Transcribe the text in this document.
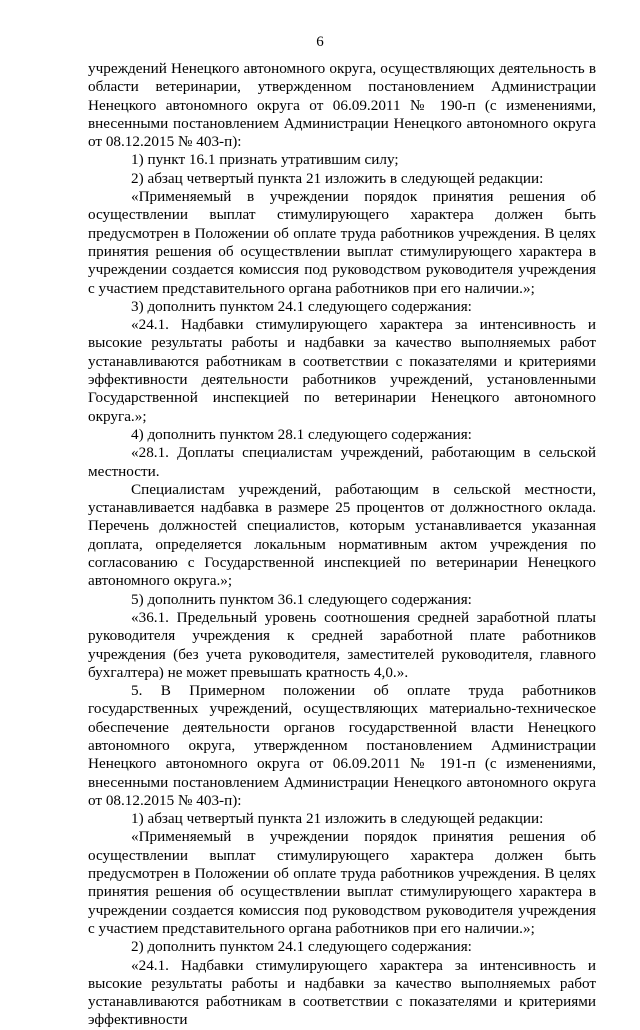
6

учреждений Ненецкого автономного округа, осуществляющих деятельность в области ветеринарии, утвержденном постановлением Администрации Ненецкого автономного округа от 06.09.2011 № 190-п (с изменениями, внесенными постановлением Администрации Ненецкого автономного округа от 08.12.2015 № 403-п):

1) пункт 16.1 признать утратившим силу;

2) абзац четвертый пункта 21 изложить в следующей редакции:

«Применяемый в учреждении порядок принятия решения об осуществлении выплат стимулирующего характера должен быть предусмотрен в Положении об оплате труда работников учреждения. В целях принятия решения об осуществлении выплат стимулирующего характера в учреждении создается комиссия под руководством руководителя учреждения с участием представительного органа работников при его наличии.»;

3) дополнить пунктом 24.1 следующего содержания:

«24.1. Надбавки стимулирующего характера за интенсивность и высокие результаты работы и надбавки за качество выполняемых работ устанавливаются работникам в соответствии с показателями и критериями эффективности деятельности работников учреждений, установленными Государственной инспекцией по ветеринарии Ненецкого автономного округа.»;

4) дополнить пунктом 28.1 следующего содержания:

«28.1. Доплаты специалистам учреждений, работающим в сельской местности.

Специалистам учреждений, работающим в сельской местности, устанавливается надбавка в размере 25 процентов от должностного оклада. Перечень должностей специалистов, которым устанавливается указанная доплата, определяется локальным нормативным актом учреждения по согласованию с Государственной инспекцией по ветеринарии Ненецкого автономного округа.»;

5) дополнить пунктом 36.1 следующего содержания:

«36.1. Предельный уровень соотношения средней заработной платы руководителя учреждения к средней заработной плате работников учреждения (без учета руководителя, заместителей руководителя, главного бухгалтера) не может превышать кратность 4,0.».

5. В Примерном положении об оплате труда работников государственных учреждений, осуществляющих материально-техническое обеспечение деятельности органов государственной власти Ненецкого автономного округа, утвержденном постановлением Администрации Ненецкого автономного округа от 06.09.2011 № 191-п (с изменениями, внесенными постановлением Администрации Ненецкого автономного округа от 08.12.2015 № 403-п):

1) абзац четвертый пункта 21 изложить в следующей редакции:

«Применяемый в учреждении порядок принятия решения об осуществлении выплат стимулирующего характера должен быть предусмотрен в Положении об оплате труда работников учреждения. В целях принятия решения об осуществлении выплат стимулирующего характера в учреждении создается комиссия под руководством руководителя учреждения с участием представительного органа работников при его наличии.»;

2) дополнить пунктом 24.1 следующего содержания:

«24.1. Надбавки стимулирующего характера за интенсивность и высокие результаты работы и надбавки за качество выполняемых работ устанавливаются работникам в соответствии с показателями и критериями эффективности
